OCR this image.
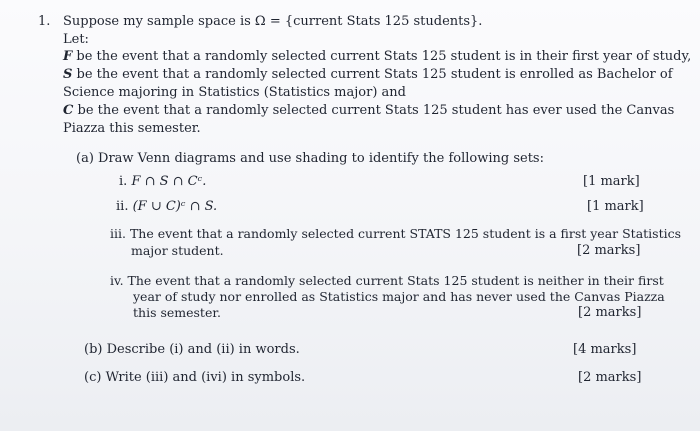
1. Suppose my sample space is Ω = {current Stats 125 students}.
Let:
F be the event that a randomly selected current Stats 125 student is in their first year of study,
S be the event that a randomly selected current Stats 125 student is enrolled as Bachelor of
Science majoring in Statistics (Statistics major) and
C be the event that a randomly selected current Stats 125 student has ever used the Canvas
Piazza this semester.
(a) Draw Venn diagrams and use shading to identify the following sets:
i. F ∩ S ∩ Cᶜ.	[1 mark]
ii. (F ∪ C)ᶜ ∩ S.	[1 mark]
iii. The event that a randomly selected current STATS 125 student is a first year Statistics
major student.	[2 marks]
iv. The event that a randomly selected current Stats 125 student is neither in their first
year of study nor enrolled as Statistics major and has never used the Canvas Piazza
this semester.	[2 marks]
(b) Describe (i) and (ii) in words.	[4 marks]
(c) Write (iii) and (ivi) in symbols.	[2 marks]
